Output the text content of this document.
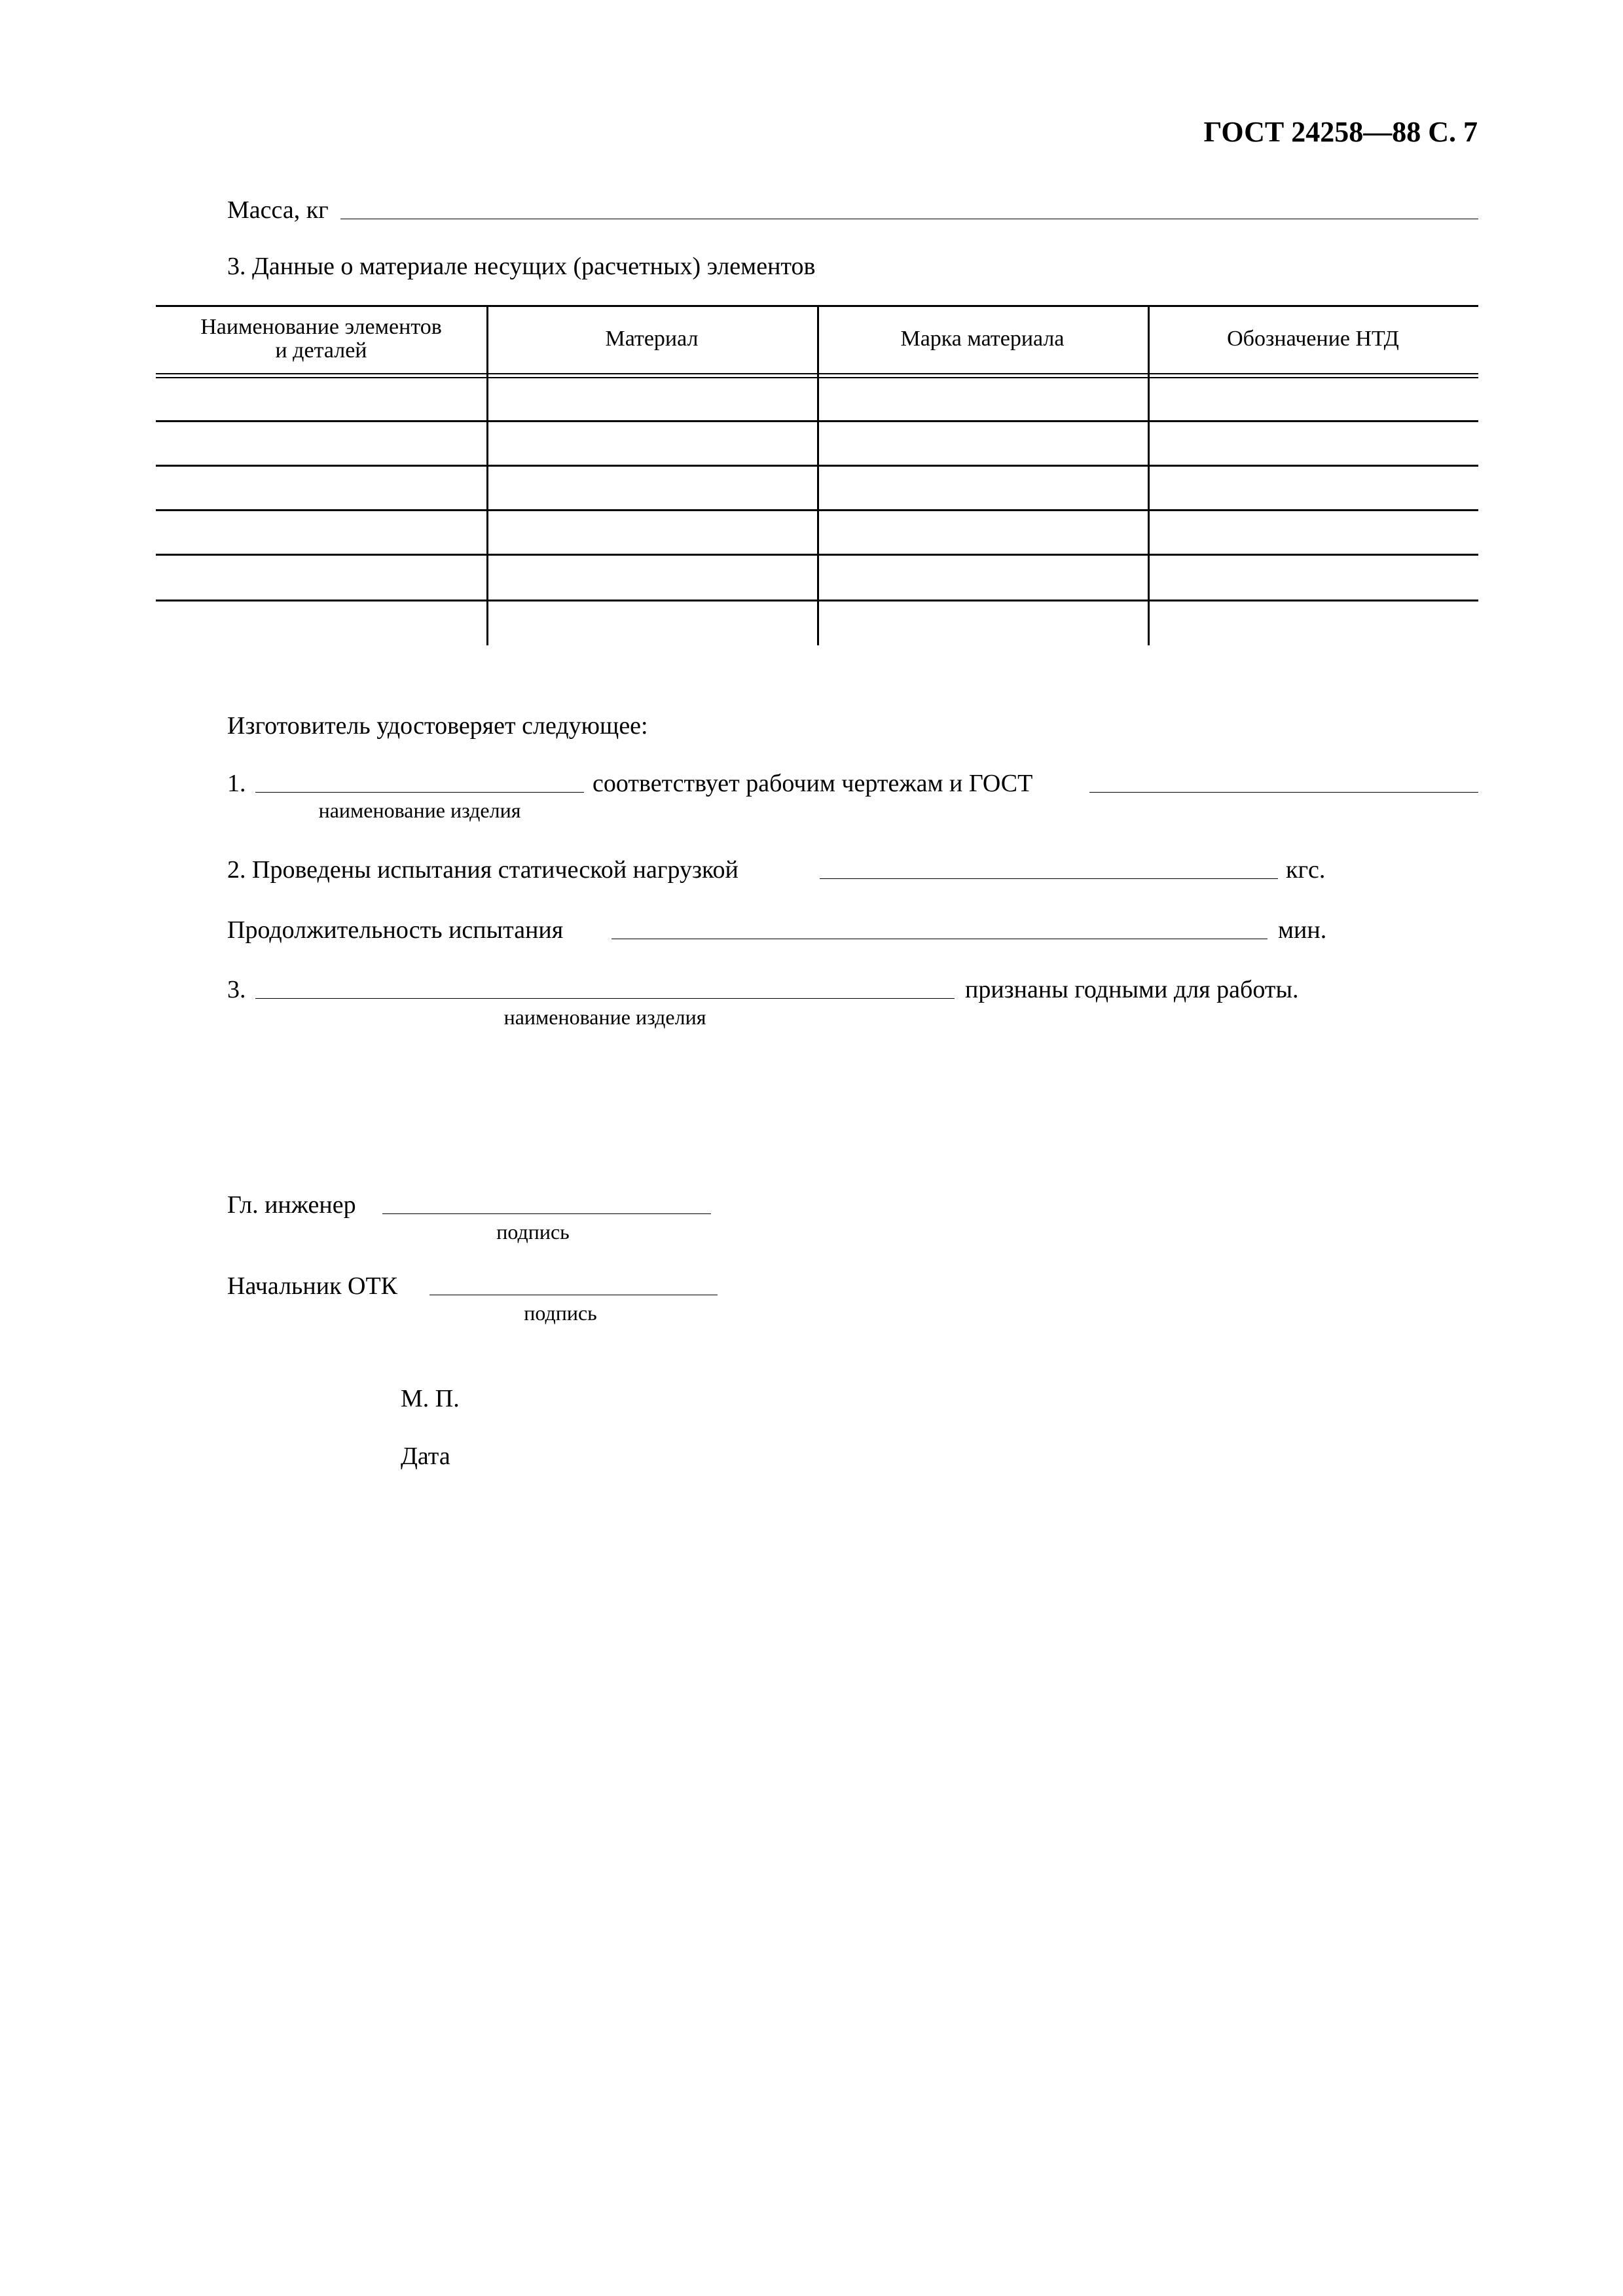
ГОСТ 24258—88 С. 7
Масса, кг
3. Данные о материале несущих (расчетных) элементов
Наименование элементов
и деталей	Материал	Марка материала	Обозначение НТД
Изготовитель удостоверяет следующее:
1.	соответствует рабочим чертежам и ГОСТ
наименование изделия
2. Проведены испытания статической нагрузкой	кгс.
Продолжительность испытания	мин.
3.	признаны годными для работы.
наименование изделия
Гл. инженер
подпись
Начальник ОТК
подпись
М. П.
Дата
